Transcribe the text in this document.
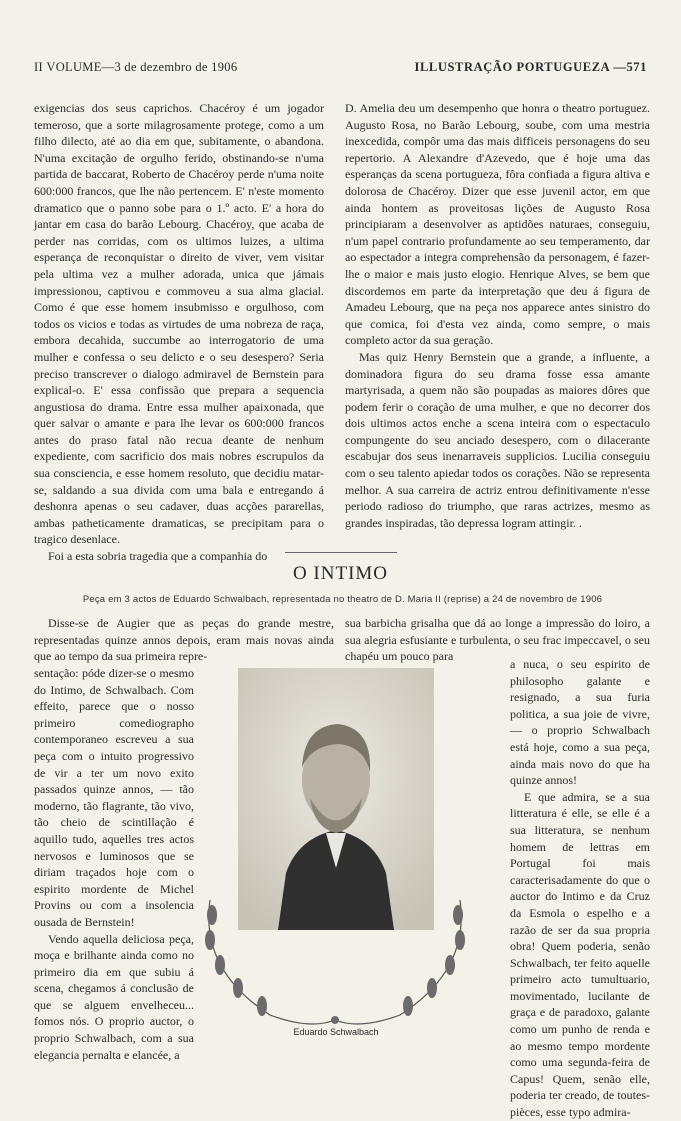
II VOLUME—3 de dezembro de 1906	ILLUSTRAÇÃO PORTUGUEZA —571

exigencias dos seus caprichos. Chacéroy é um jogador temeroso, que a sorte milagrosamente protege, como a um filho dilecto, até ao dia em que, subitamente, o abandona. N'uma excitação de orgulho ferido, obstinando-se n'uma partida de baccarat, Roberto de Chacéroy perde n'uma noite 600:000 francos, que lhe não pertencem. E' n'este momento dramatico que o panno sobe para o 1.º acto. E' a hora do jantar em casa do barão Lebourg. Chacéroy, que acaba de perder nas corridas, com os ultimos luizes, a ultima esperança de reconquistar o direito de viver, vem visitar pela ultima vez a mulher adorada, unica que jámais impressionou, captivou e commoveu a sua alma glacial. Como é que esse homem insubmisso e orgulhoso, com todos os vicios e todas as virtudes de uma nobreza de raça, embora decahida, succumbe ao interrogatorio de uma mulher e confessa o seu delicto e o seu desespero? Seria preciso transcrever o dialogo admiravel de Bernstein para explical-o. E' essa confissão que prepara a sequencia angustiosa do drama. Entre essa mulher apaixonada, que quer salvar o amante e para lhe levar os 600:000 francos antes do praso fatal não recua deante de nenhum expediente, com sacrificio dos mais nobres escrupulos da sua consciencia, e esse homem resoluto, que decidiu matar-se, saldando a sua divida com uma bala e entregando á deshonra apenas o seu cadaver, duas acções pararellas, ambas patheticamente dramaticas, se precipitam para o tragico desenlace.

Foi a esta sobria tragedia que a companhia do

D. Amelia deu um desempenho que honra o theatro portuguez. Augusto Rosa, no Barão Lebourg, soube, com uma mestria inexcedida, compôr uma das mais difficeis personagens do seu repertorio. A Alexandre d'Azevedo, que é hoje uma das esperanças da scena portugueza, fôra confiada a figura altiva e dolorosa de Chacéroy. Dizer que esse juvenil actor, em que ainda hontem as proveitosas lições de Augusto Rosa principiaram a desenvolver as aptidões naturaes, conseguiu, n'um papel contrario profundamente ao seu temperamento, dar ao espectador a integra comprehensão da personagem, é fazer-lhe o maior e mais justo elogio. Henrique Alves, se bem que discordemos em parte da interpretação que deu á figura de Amadeu Lebourg, que na peça nos apparece antes sinistro do que comica, foi d'esta vez ainda, como sempre, o mais completo actor da sua geração.

Mas quiz Henry Bernstein que a grande, a influente, a dominadora figura do seu drama fosse essa amante martyrisada, a quem não são poupadas as maiores dôres que podem ferir o coração de uma mulher, e que no decorrer dos dois ultimos actos enche a scena inteira com o espectaculo compungente do seu anciado desespero, com o dilacerante escabujar dos seus inenarraveis supplicios. Lucilia conseguiu com o seu talento apiedar todos os corações. Não se representa melhor. A sua carreira de actriz entrou definitivamente n'esse periodo radioso do triumpho, que raras actrizes, mesmo as grandes inspiradas, tão depressa logram attingir. .

O INTIMO
Peça em 3 actos de Eduardo Schwalbach, representada no theatro de D. Maria II (reprise) a 24 de novembro de 1906

Disse-se de Augier que as peças do grande mestre, representadas quinze annos depois, eram mais novas ainda que ao tempo da sua primeira repre-

sentação: póde dizer-se o mesmo do Intimo, de Schwalbach. Com effeito, parece que o nosso primeiro comediographo contemporaneo escreveu a sua peça com o intuito progressivo de vir a ter um novo exito passados quinze annos, — tão moderno, tão flagrante, tão vivo, tão cheio de scintillação é aquillo tudo, aquelles tres actos nervosos e luminosos que se diriam traçados hoje com o espirito mordente de Michel Provins ou com a insolencia ousada de Bernstein!

Vendo aquella deliciosa peça, moça e brilhante ainda como no primeiro dia em que subiu á scena, chegamos á conclusão de que se alguem envelheceu... fomos nós. O proprio auctor, o proprio Schwalbach, com a sua elegancia pernalta e elancée, a

sua barbicha grisalha que dá ao longe a impressão do loiro, a sua alegria esfusiante e turbulenta, o seu frac impeccavel, o seu chapéu um pouco para

a nuca, o seu espirito de philosopho galante e resignado, a sua furia politica, a sua joie de vivre, — o proprio Schwalbach está hoje, como a sua peça, ainda mais novo do que ha quinze annos!

E que admira, se a sua litteratura é elle, se elle é a sua litteratura, se nenhum homem de lettras em Portugal foi mais caracterisadamente do que o auctor do Intimo e da Cruz da Esmola o espelho e a razão de ser da sua propria obra! Quem poderia, senão Schwalbach, ter feito aquelle primeiro acto tumultuario, movimentado, lucilante de graça e de paradoxo, galante como um punho de renda e ao mesmo tempo mordente como uma segunda-feira de Capus! Quem, senão elle, poderia ter creado, de toutes-pièces, esse typo admira-

Eduardo Schwalbach
